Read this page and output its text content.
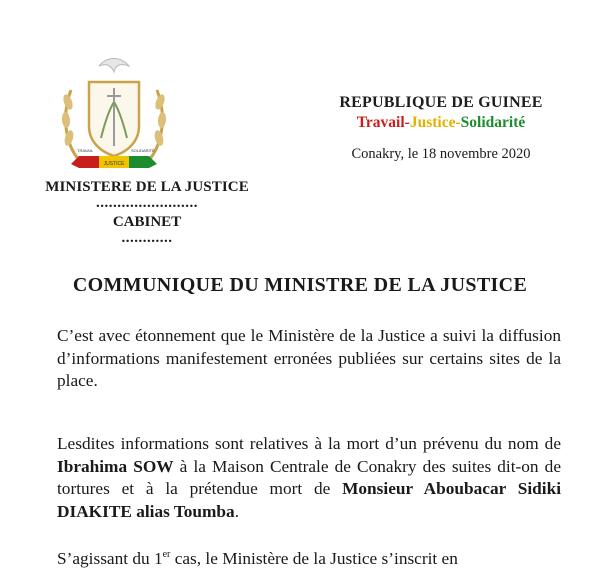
JUSTICE
TRAVAIL	SOLIDARITÉ
REPUBLIQUE DE GUINEE
Travail-Justice-Solidarité
Conakry, le 18 novembre 2020
MINISTERE DE LA JUSTICE
........................
CABINET
............
COMMUNIQUE DU MINISTRE DE LA JUSTICE
C’est avec étonnement que le Ministère de la Justice a suivi la diffusion d’informations manifestement erronées publiées sur certains sites de la place.
Lesdites informations sont relatives à la mort d’un prévenu du nom de Ibrahima SOW à la Maison Centrale de Conakry des suites dit-on de tortures et à la prétendue mort de Monsieur Aboubacar Sidiki DIAKITE alias Toumba.
S’agissant du 1er cas, le Ministère de la Justice s’inscrit en
